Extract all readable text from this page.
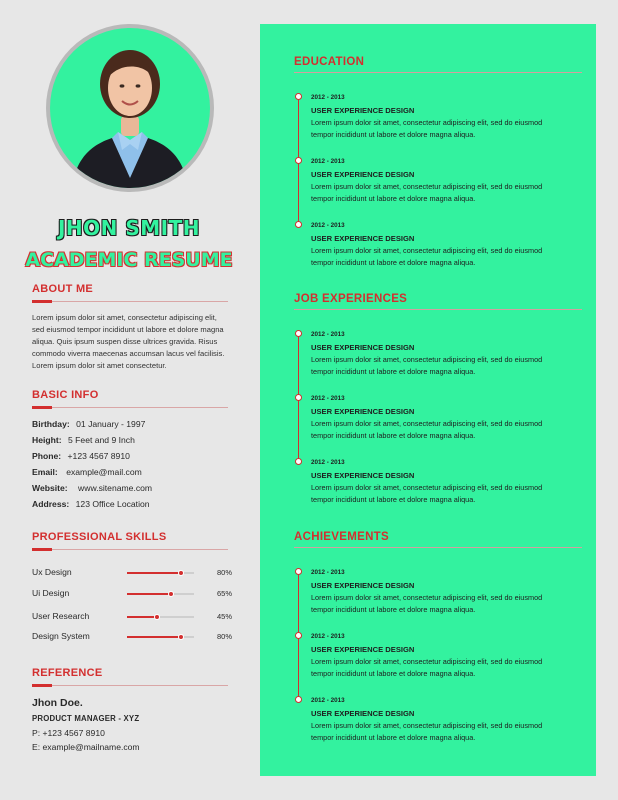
JHON SMITH
ACADEMIC RESUME
ABOUT ME
Lorem ipsum dolor sit amet, consectetur adipiscing elit, sed eiusmod tempor incididunt ut labore et dolore magna aliqua. Quis ipsum suspen disse ultrices gravida. Risus commodo viverra maecenas accumsan lacus vel facilisis. Lorem ipsum dolor sit amet consectetur.
BASIC INFO
Birthday: 01 January - 1997
Height: 5 Feet and 9 Inch
Phone: +123 4567 8910
Email: example@mail.com
Website: www.sitename.com
Address: 123 Office Location
PROFESSIONAL SKILLS
Ux Design	80%
Ui Design	65%
User Research	45%
Design System	80%
REFERENCE
Jhon Doe.
PRODUCT MANAGER - XYZ
P: +123 4567 8910
E: example@mailname.com
EDUCATION
2012 - 2013
USER EXPERIENCE DESIGN
Lorem ipsum dolor sit amet, consectetur adipiscing elit, sed do eiusmod
tempor incididunt ut labore et dolore magna aliqua.
2012 - 2013
USER EXPERIENCE DESIGN
Lorem ipsum dolor sit amet, consectetur adipiscing elit, sed do eiusmod
tempor incididunt ut labore et dolore magna aliqua.
2012 - 2013
USER EXPERIENCE DESIGN
Lorem ipsum dolor sit amet, consectetur adipiscing elit, sed do eiusmod
tempor incididunt ut labore et dolore magna aliqua.
JOB EXPERIENCES
2012 - 2013
USER EXPERIENCE DESIGN
Lorem ipsum dolor sit amet, consectetur adipiscing elit, sed do eiusmod
tempor incididunt ut labore et dolore magna aliqua.
2012 - 2013
USER EXPERIENCE DESIGN
Lorem ipsum dolor sit amet, consectetur adipiscing elit, sed do eiusmod
tempor incididunt ut labore et dolore magna aliqua.
2012 - 2013
USER EXPERIENCE DESIGN
Lorem ipsum dolor sit amet, consectetur adipiscing elit, sed do eiusmod
tempor incididunt ut labore et dolore magna aliqua.
ACHIEVEMENTS
2012 - 2013
USER EXPERIENCE DESIGN
Lorem ipsum dolor sit amet, consectetur adipiscing elit, sed do eiusmod
tempor incididunt ut labore et dolore magna aliqua.
2012 - 2013
USER EXPERIENCE DESIGN
Lorem ipsum dolor sit amet, consectetur adipiscing elit, sed do eiusmod
tempor incididunt ut labore et dolore magna aliqua.
2012 - 2013
USER EXPERIENCE DESIGN
Lorem ipsum dolor sit amet, consectetur adipiscing elit, sed do eiusmod
tempor incididunt ut labore et dolore magna aliqua.
